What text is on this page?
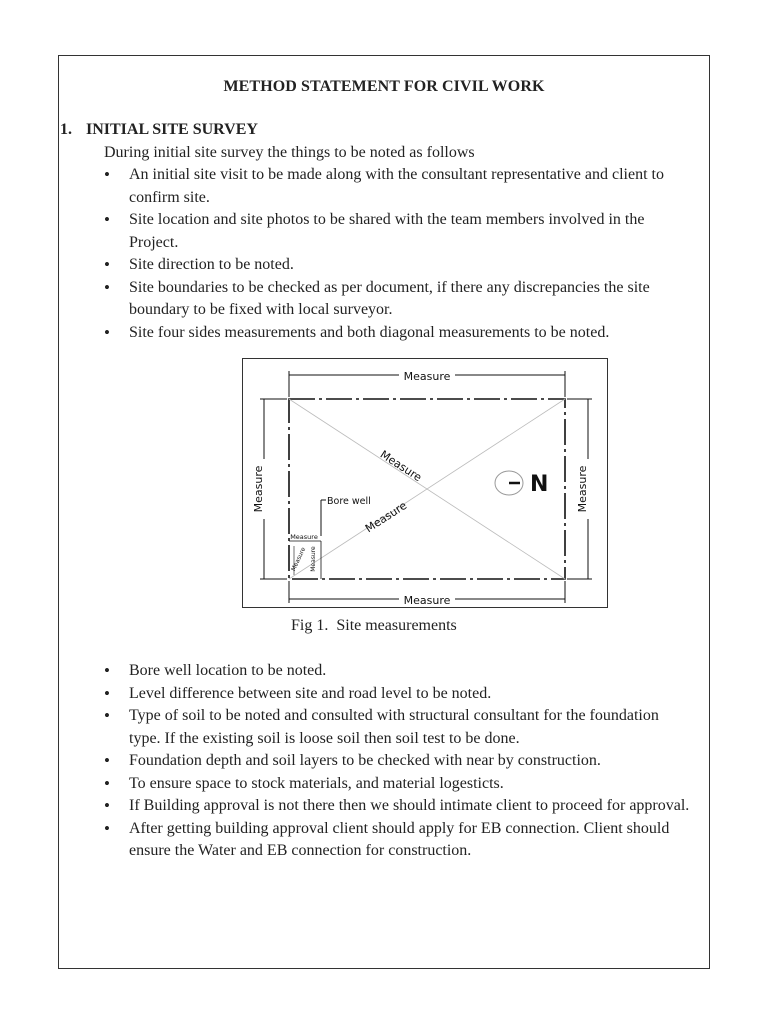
METHOD STATEMENT FOR CIVIL WORK
1. INITIAL SITE SURVEY
During initial site survey the things to be noted as follows
• An initial site visit to be made along with the consultant representative and client to confirm site.
• Site location and site photos to be shared with the team members involved in the Project.
• Site direction to be noted.
• Site boundaries to be checked as per document, if there any discrepancies the site boundary to be fixed with local surveyor.
• Site four sides measurements and both diagonal measurements to be noted.
Measure
Measure
Measure	Measure
Measure
Measure
Bore well
Measure
Measure Measure
N
Fig 1. Site measurements
• Bore well location to be noted.
• Level difference between site and road level to be noted.
• Type of soil to be noted and consulted with structural consultant for the foundation type. If the existing soil is loose soil then soil test to be done.
• Foundation depth and soil layers to be checked with near by construction.
• To ensure space to stock materials, and material logesticts.
• If Building approval is not there then we should intimate client to proceed for approval.
• After getting building approval client should apply for EB connection. Client should ensure the Water and EB connection for construction.
